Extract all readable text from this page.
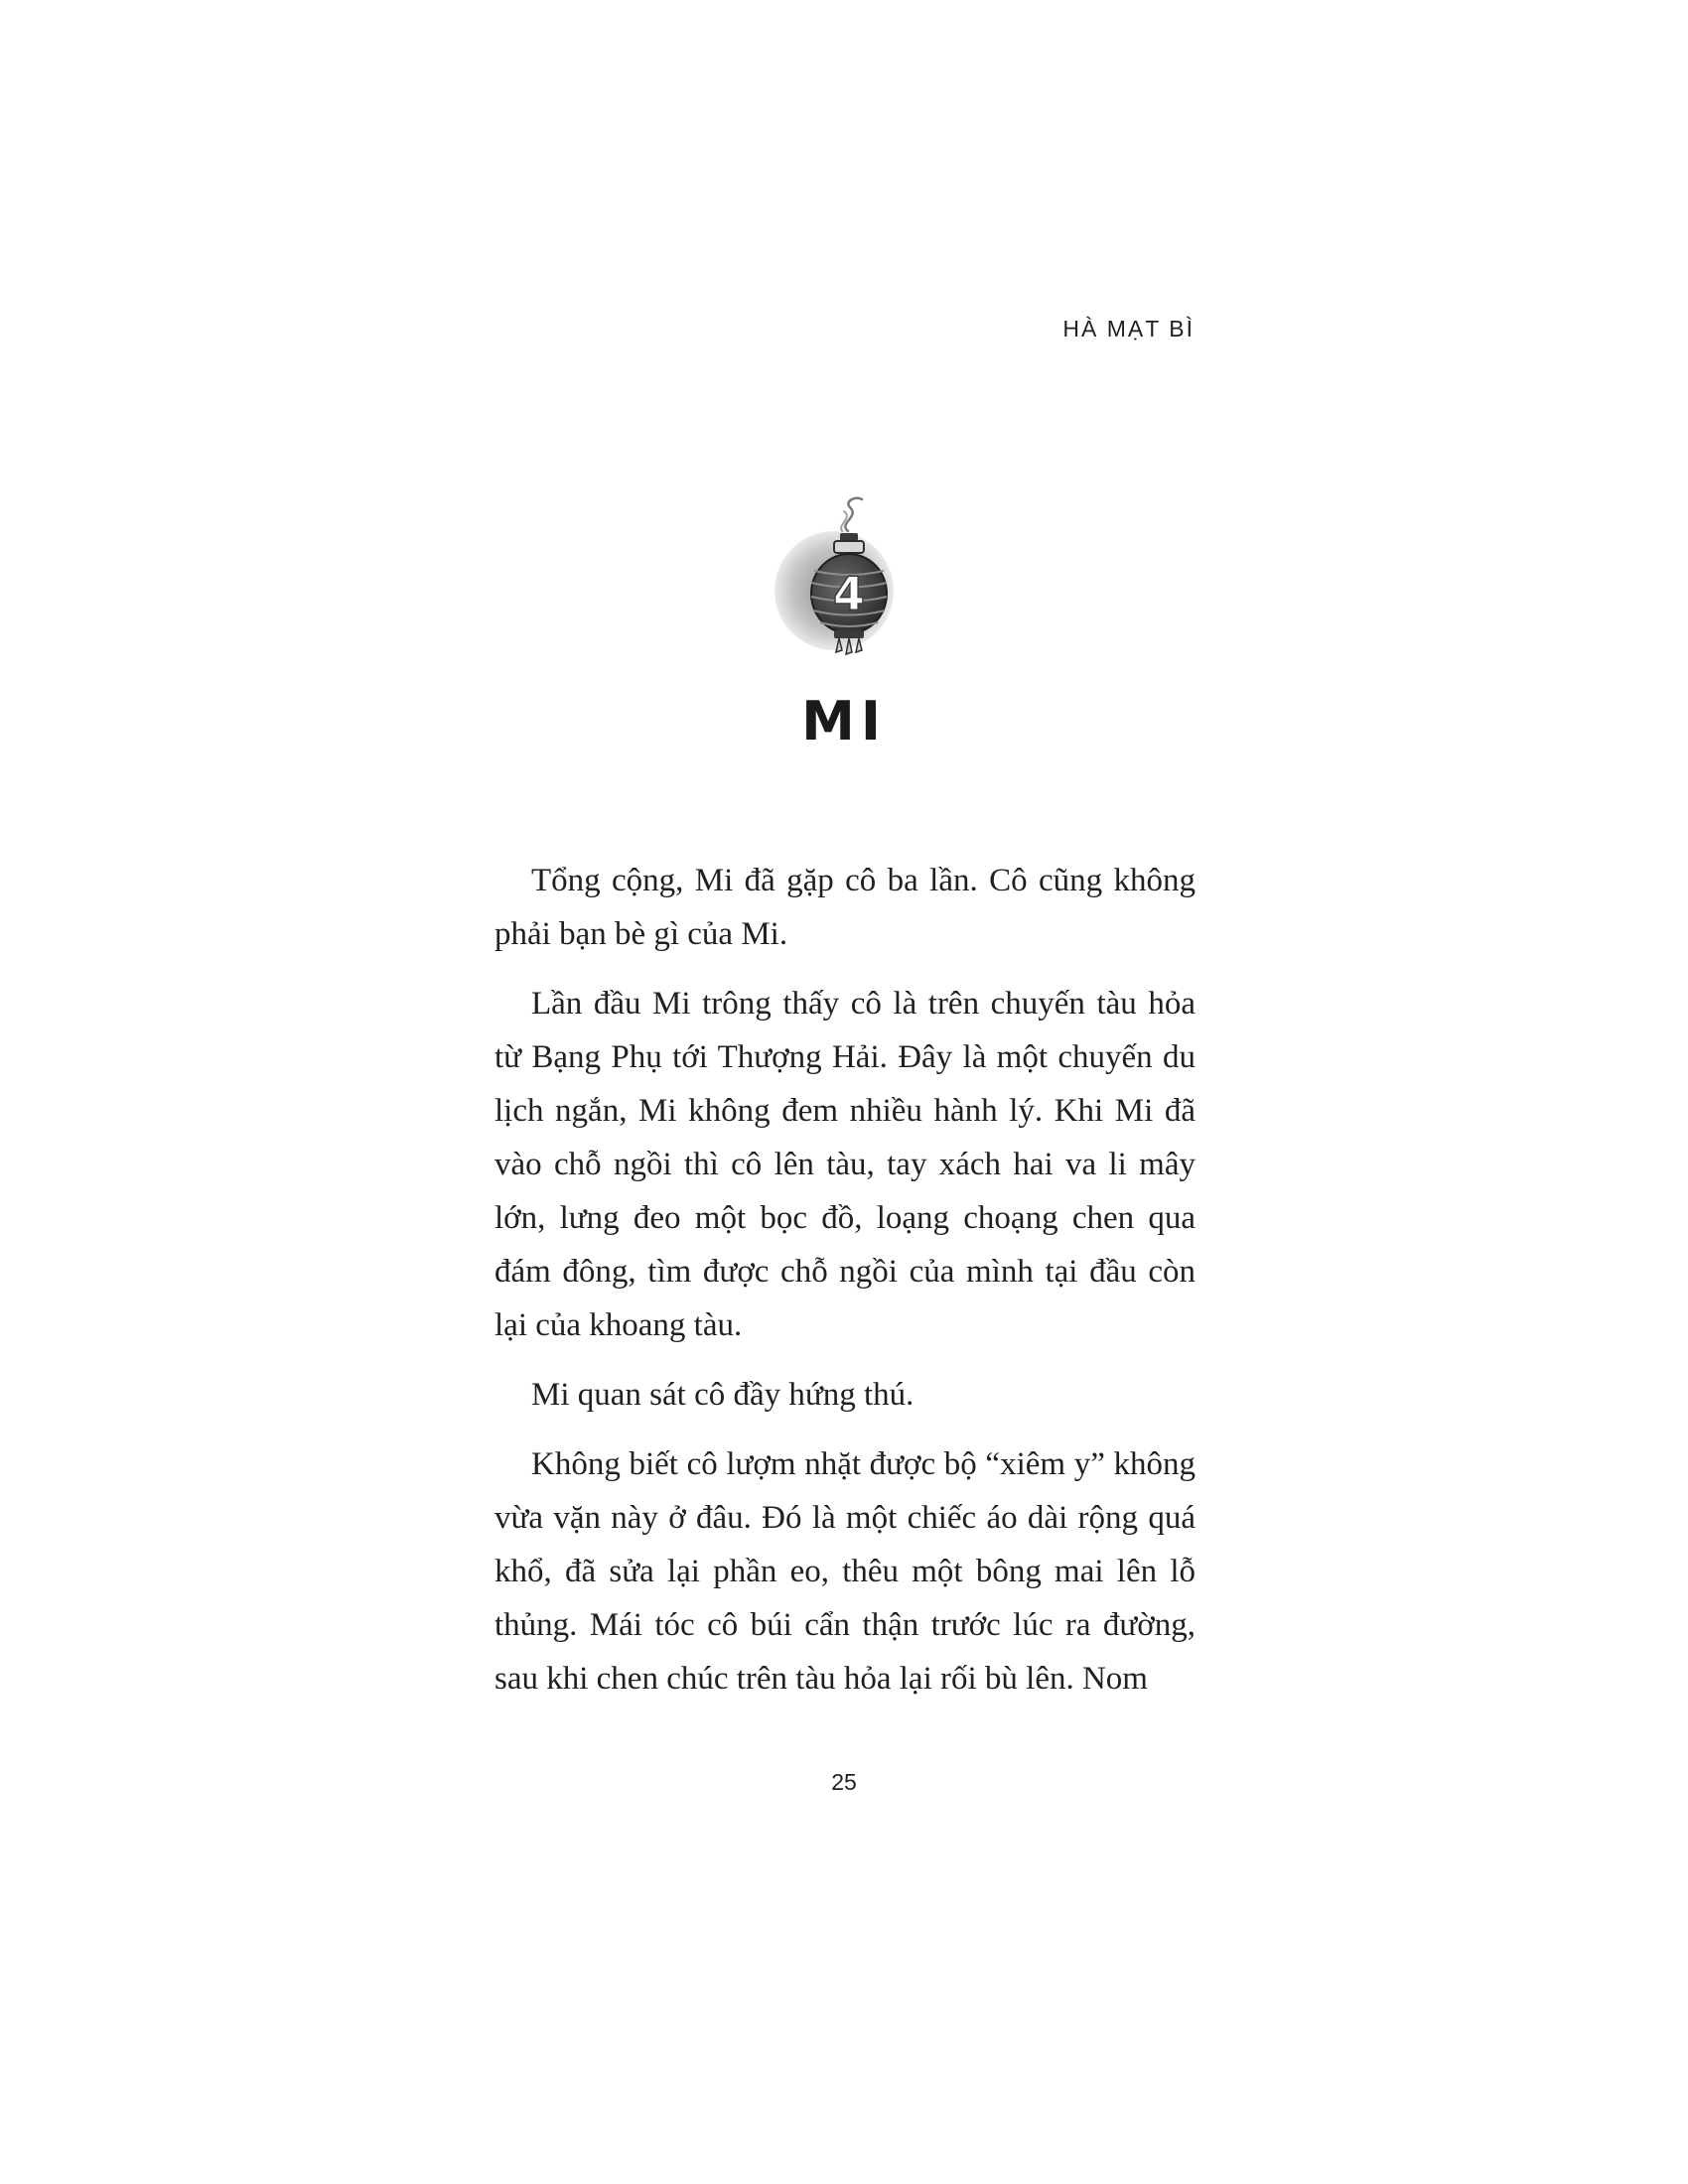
HÀ MẠT BÌ
4
MI

Tổng cộng, Mi đã gặp cô ba lần. Cô cũng không phải bạn bè gì của Mi.

Lần đầu Mi trông thấy cô là trên chuyến tàu hỏa từ Bạng Phụ tới Thượng Hải. Đây là một chuyến du lịch ngắn, Mi không đem nhiều hành lý. Khi Mi đã vào chỗ ngồi thì cô lên tàu, tay xách hai va li mây lớn, lưng đeo một bọc đồ, loạng choạng chen qua đám đông, tìm được chỗ ngồi của mình tại đầu còn lại của khoang tàu.

Mi quan sát cô đầy hứng thú.

Không biết cô lượm nhặt được bộ “xiêm y” không vừa vặn này ở đâu. Đó là một chiếc áo dài rộng quá khổ, đã sửa lại phần eo, thêu một bông mai lên lỗ thủng. Mái tóc cô búi cẩn thận trước lúc ra đường, sau khi chen chúc trên tàu hỏa lại rối bù lên. Nom

25
